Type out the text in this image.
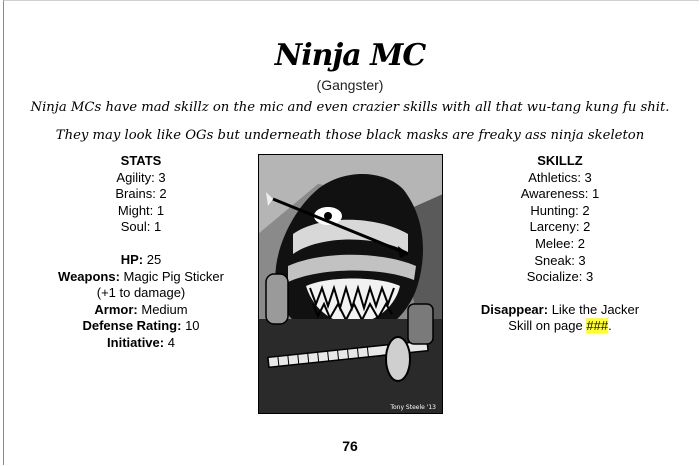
Ninja MC
(Gangster)
Ninja MCs have mad skillz on the mic and even crazier skills with all that wu-tang kung fu shit. They may look like OGs but underneath those black masks are freaky ass ninja skeleton
STATS
Agility: 3
Brains: 2
Might: 1
Soul: 1
HP: 25
Weapons: Magic Pig Sticker
(+1 to damage)
Armor: Medium
Defense Rating: 10
Initiative: 4
SKILLZ
Athletics: 3
Awareness: 1
Hunting: 2
Larceny: 2
Melee: 2
Sneak: 3
Socialize: 3
Disappear: Like the Jacker
Skill on page ###.
Tony Steele '13
76
